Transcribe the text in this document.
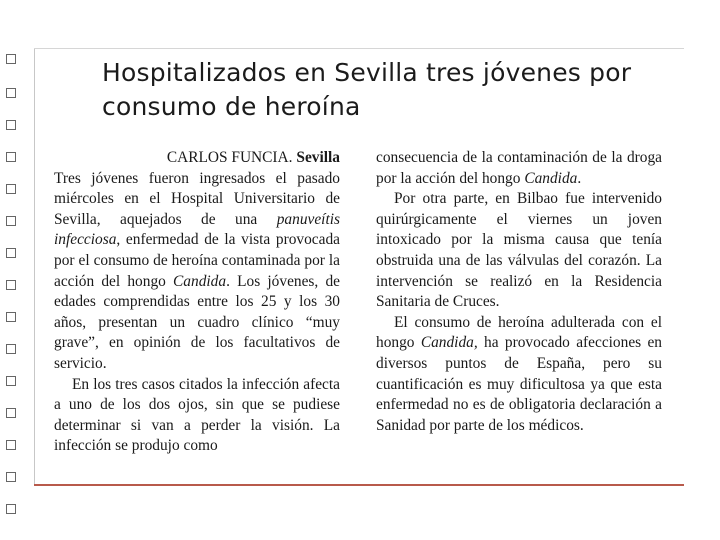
Hospitalizados en Sevilla tres jóvenes por consumo de heroína

CARLOS FUNCIA. Sevilla

Tres jóvenes fueron ingresados el pasado miércoles en el Hospital Universitario de Sevilla, aquejados de una panuveítis infecciosa, enfermedad de la vista provocada por el consumo de heroína contaminada por la acción del hongo Candida. Los jóvenes, de edades comprendidas entre los 25 y los 30 años, presentan un cuadro clínico “muy grave”, en opinión de los facultativos de servicio.

En los tres casos citados la infección afecta a uno de los dos ojos, sin que se pudiese determinar si van a perder la visión. La infección se produjo como

consecuencia de la contaminación de la droga por la acción del hongo Candida.

Por otra parte, en Bilbao fue intervenido quirúrgicamente el viernes un joven intoxicado por la misma causa que tenía obstruida una de las válvulas del corazón. La intervención se realizó en la Residencia Sanitaria de Cruces.

El consumo de heroína adulterada con el hongo Candida, ha provocado afecciones en diversos puntos de España, pero su cuantificación es muy dificultosa ya que esta enfermedad no es de obligatoria declaración a Sanidad por parte de los médicos.
